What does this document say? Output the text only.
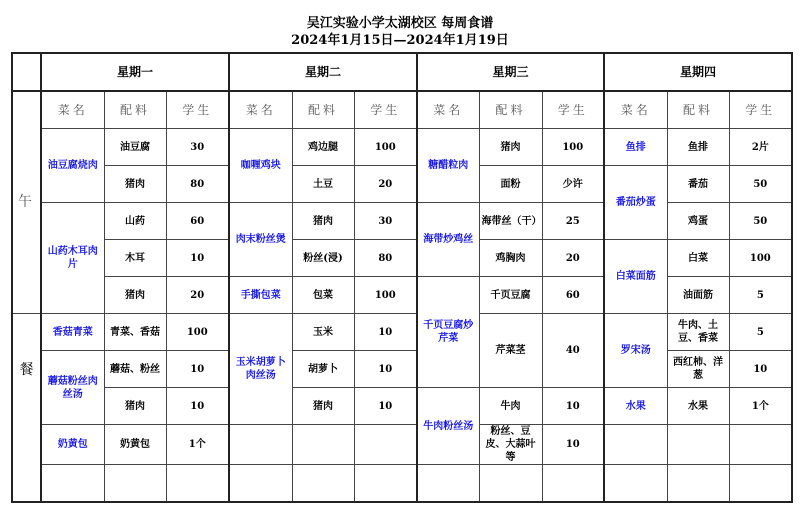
吴江实验小学太湖校区 每周食谱
2024年1月15日—2024年1月19日
	星期一			星期二			星期三			星期四		
午	菜名	配料	学生	菜名	配料	学生	菜名	配料	学生	菜名	配料	学生
	油豆腐烧肉	油豆腐	30	咖喱鸡块	鸡边腿	100	糖醋粒肉	猪肉	100	鱼排	鱼排	2片
		猪肉	80		土豆	20		面粉	少许	番茄炒蛋	番茄	50
	山药木耳肉片	山药	60	肉末粉丝煲	猪肉	30	海带炒鸡丝	海带丝（干）	25		鸡蛋	50
		木耳	10		粉丝(浸)	80		鸡胸肉	20	白菜面筋	白菜	100
		猪肉	20	手撕包菜	包菜	100	千页豆腐炒芹菜	千页豆腐	60		油面筋	5
餐	香菇青菜	青菜、香菇	100	玉米胡萝卜肉丝汤	玉米	10		芹菜茎	40	罗宋汤	牛肉、土豆、香菜	5
	蘑菇粉丝肉丝汤	蘑菇、粉丝	10		胡萝卜	10					西红柿、洋葱	10
		猪肉	10		猪肉	10	牛肉粉丝汤	牛肉	10	水果	水果	1个
	奶黄包	奶黄包	1个					粉丝、豆皮、大蒜叶等	10			
